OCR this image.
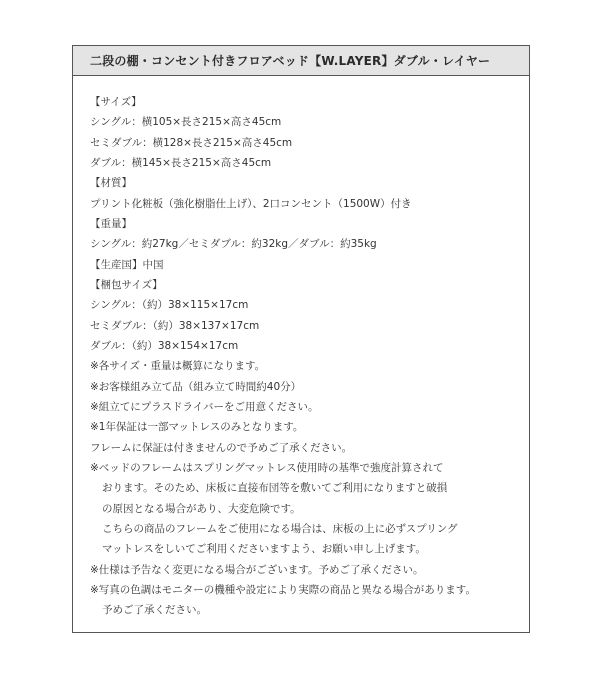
二段の棚・コンセント付きフロアベッド【W.LAYER】ダブル・レイヤー
【サイズ】
シングル：横105×長さ215×高さ45cm
セミダブル：横128×長さ215×高さ45cm
ダブル：横145×長さ215×高さ45cm
【材質】
プリント化粧板（強化樹脂仕上げ）、2口コンセント（1500W）付き
【重量】
シングル：約27kg／セミダブル：約32kg／ダブル：約35kg
【生産国】中国
【梱包サイズ】
シングル：（約）38×115×17cm
セミダブル：（約）38×137×17cm
ダブル：（約）38×154×17cm
※各サイズ・重量は概算になります。
※お客様組み立て品（組み立て時間約40分）
※組立てにプラスドライバーをご用意ください。
※1年保証は一部マットレスのみとなります。
フレームに保証は付きませんので予めご了承ください。
※ベッドのフレームはスプリングマットレス使用時の基準で強度計算されて
おります。そのため、床板に直接布団等を敷いてご利用になりますと破損
の原因となる場合があり、大変危険です。
こちらの商品のフレームをご使用になる場合は、床板の上に必ずスプリング
マットレスをしいてご利用くださいますよう、お願い申し上げます。
※仕様は予告なく変更になる場合がございます。予めご了承ください。
※写真の色調はモニターの機種や設定により実際の商品と異なる場合があります。
予めご了承ください。
